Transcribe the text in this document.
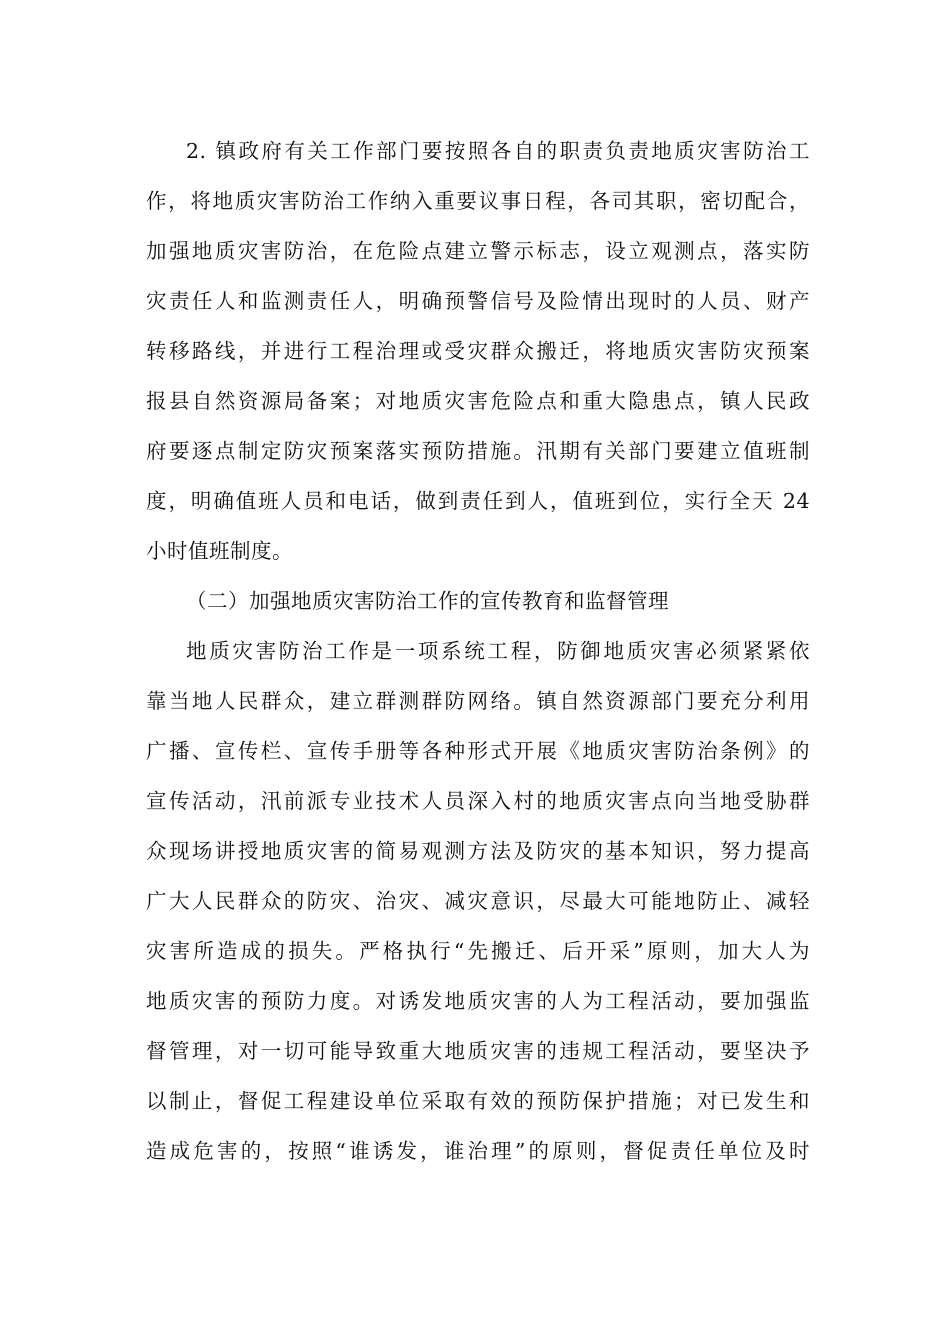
2. 镇政府有关工作部门要按照各自的职责负责地质灾害防治工
作，将地质灾害防治工作纳入重要议事日程，各司其职，密切配合，
加强地质灾害防治，在危险点建立警示标志，设立观测点，落实防
灾责任人和监测责任人，明确预警信号及险情出现时的人员、财产
转移路线，并进行工程治理或受灾群众搬迁，将地质灾害防灾预案
报县自然资源局备案；对地质灾害危险点和重大隐患点，镇人民政
府要逐点制定防灾预案落实预防措施。汛期有关部门要建立值班制
度，明确值班人员和电话，做到责任到人，值班到位，实行全天 24
小时值班制度。
（二）加强地质灾害防治工作的宣传教育和监督管理
地质灾害防治工作是一项系统工程，防御地质灾害必须紧紧依
靠当地人民群众，建立群测群防网络。镇自然资源部门要充分利用
广播、宣传栏、宣传手册等各种形式开展《地质灾害防治条例》的
宣传活动，汛前派专业技术人员深入村的地质灾害点向当地受胁群
众现场讲授地质灾害的简易观测方法及防灾的基本知识，努力提高
广大人民群众的防灾、治灾、减灾意识，尽最大可能地防止、减轻
灾害所造成的损失。严格执行“先搬迁、后开采”原则，加大人为
地质灾害的预防力度。对诱发地质灾害的人为工程活动，要加强监
督管理，对一切可能导致重大地质灾害的违规工程活动，要坚决予
以制止，督促工程建设单位采取有效的预防保护措施；对已发生和
造成危害的，按照“谁诱发，谁治理”的原则，督促责任单位及时
